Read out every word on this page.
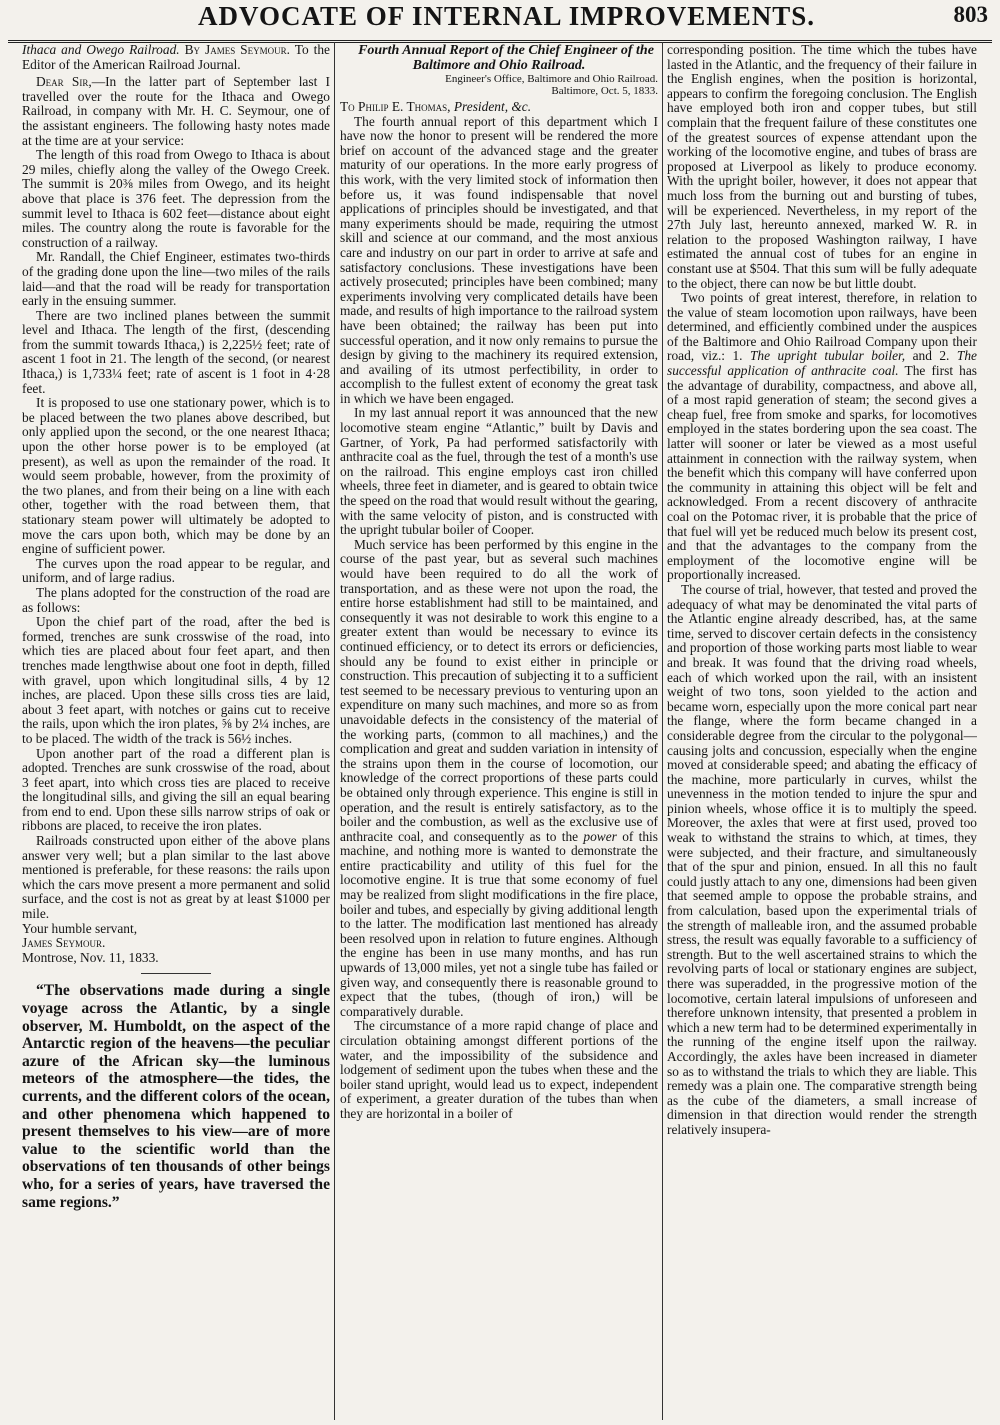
ADVOCATE OF INTERNAL IMPROVEMENTS.	803

Ithaca and Owego Railroad. By James Seymour. To the Editor of the American Railroad Journal.

Dear Sir,—In the latter part of September last I travelled over the route for the Ithaca and Owego Railroad, in company with Mr. H. C. Seymour, one of the assistant engineers. The following hasty notes made at the time are at your service:

The length of this road from Owego to Ithaca is about 29 miles, chiefly along the valley of the Owego Creek. The summit is 20⅜ miles from Owego, and its height above that place is 376 feet. The depression from the summit level to Ithaca is 602 feet—distance about eight miles. The country along the route is favorable for the construction of a railway.

Mr. Randall, the Chief Engineer, estimates two-thirds of the grading done upon the line—two miles of the rails laid—and that the road will be ready for transportation early in the ensuing summer.

There are two inclined planes between the summit level and Ithaca. The length of the first, (descending from the summit towards Ithaca,) is 2,225½ feet; rate of ascent 1 foot in 21. The length of the second, (or nearest Ithaca,) is 1,733¼ feet; rate of ascent is 1 foot in 4·28 feet.

It is proposed to use one stationary power, which is to be placed between the two planes above described, but only applied upon the second, or the one nearest Ithaca; upon the other horse power is to be employed (at present), as well as upon the remainder of the road. It would seem probable, however, from the proximity of the two planes, and from their being on a line with each other, together with the road between them, that stationary steam power will ultimately be adopted to move the cars upon both, which may be done by an engine of sufficient power.

The curves upon the road appear to be regular, and uniform, and of large radius.

The plans adopted for the construction of the road are as follows:

Upon the chief part of the road, after the bed is formed, trenches are sunk crosswise of the road, into which ties are placed about four feet apart, and then trenches made lengthwise about one foot in depth, filled with gravel, upon which longitudinal sills, 4 by 12 inches, are placed. Upon these sills cross ties are laid, about 3 feet apart, with notches or gains cut to receive the rails, upon which the iron plates, ⅝ by 2¼ inches, are to be placed. The width of the track is 56½ inches.

Upon another part of the road a different plan is adopted. Trenches are sunk crosswise of the road, about 3 feet apart, into which cross ties are placed to receive the longitudinal sills, and giving the sill an equal bearing from end to end. Upon these sills narrow strips of oak or ribbons are placed, to receive the iron plates.

Railroads constructed upon either of the above plans answer very well; but a plan similar to the last above mentioned is preferable, for these reasons: the rails upon which the cars move present a more permanent and solid surface, and the cost is not as great by at least $1000 per mile.

Your humble servant,

James Seymour.

Montrose, Nov. 11, 1833.

“The observations made during a single voyage across the Atlantic, by a single observer, M. Humboldt, on the aspect of the Antarctic region of the heavens—the peculiar azure of the African sky—the luminous meteors of the atmosphere—the tides, the currents, and the different colors of the ocean, and other phenomena which happened to present themselves to his view—are of more value to the scientific world than the observations of ten thousands of other beings who, for a series of years, have traversed the same regions.”

Fourth Annual Report of the Chief Engineer of the Baltimore and Ohio Railroad.

Engineer's Office, Baltimore and Ohio Railroad.

Baltimore, Oct. 5, 1833.

To Philip E. Thomas, President, &c.

The fourth annual report of this department which I have now the honor to present will be rendered the more brief on account of the advanced stage and the greater maturity of our operations. In the more early progress of this work, with the very limited stock of information then before us, it was found indispensable that novel applications of principles should be investigated, and that many experiments should be made, requiring the utmost skill and science at our command, and the most anxious care and industry on our part in order to arrive at safe and satisfactory conclusions. These investigations have been actively prosecuted; principles have been combined; many experiments involving very complicated details have been made, and results of high importance to the railroad system have been obtained; the railway has been put into successful operation, and it now only remains to pursue the design by giving to the machinery its required extension, and availing of its utmost perfectibility, in order to accomplish to the fullest extent of economy the great task in which we have been engaged.

In my last annual report it was announced that the new locomotive steam engine “Atlantic,” built by Davis and Gartner, of York, Pa had performed satisfactorily with anthracite coal as the fuel, through the test of a month's use on the railroad. This engine employs cast iron chilled wheels, three feet in diameter, and is geared to obtain twice the speed on the road that would result without the gearing, with the same velocity of piston, and is constructed with the upright tubular boiler of Cooper.

Much service has been performed by this engine in the course of the past year, but as several such machines would have been required to do all the work of transportation, and as these were not upon the road, the entire horse establishment had still to be maintained, and consequently it was not desirable to work this engine to a greater extent than would be necessary to evince its continued efficiency, or to detect its errors or deficiencies, should any be found to exist either in principle or construction. This precaution of subjecting it to a sufficient test seemed to be necessary previous to venturing upon an expenditure on many such machines, and more so as from unavoidable defects in the consistency of the material of the working parts, (common to all machines,) and the complication and great and sudden variation in intensity of the strains upon them in the course of locomotion, our knowledge of the correct proportions of these parts could be obtained only through experience. This engine is still in operation, and the result is entirely satisfactory, as to the boiler and the combustion, as well as the exclusive use of anthracite coal, and consequently as to the power of this machine, and nothing more is wanted to demonstrate the entire practicability and utility of this fuel for the locomotive engine. It is true that some economy of fuel may be realized from slight modifications in the fire place, boiler and tubes, and especially by giving additional length to the latter. The modification last mentioned has already been resolved upon in relation to future engines. Although the engine has been in use many months, and has run upwards of 13,000 miles, yet not a single tube has failed or given way, and consequently there is reasonable ground to expect that the tubes, (though of iron,) will be comparatively durable.

The circumstance of a more rapid change of place and circulation obtaining amongst different portions of the water, and the impossibility of the subsidence and lodgement of sediment upon the tubes when these and the boiler stand upright, would lead us to expect, independent of experiment, a greater duration of the tubes than when they are horizontal in a boiler of

corresponding position. The time which the tubes have lasted in the Atlantic, and the frequency of their failure in the English engines, when the position is horizontal, appears to confirm the foregoing conclusion. The English have employed both iron and copper tubes, but still complain that the frequent failure of these constitutes one of the greatest sources of expense attendant upon the working of the locomotive engine, and tubes of brass are proposed at Liverpool as likely to produce economy. With the upright boiler, however, it does not appear that much loss from the burning out and bursting of tubes, will be experienced. Nevertheless, in my report of the 27th July last, hereunto annexed, marked W. R. in relation to the proposed Washington railway, I have estimated the annual cost of tubes for an engine in constant use at $504. That this sum will be fully adequate to the object, there can now be but little doubt.

Two points of great interest, therefore, in relation to the value of steam locomotion upon railways, have been determined, and efficiently combined under the auspices of the Baltimore and Ohio Railroad Company upon their road, viz.: 1. The upright tubular boiler, and 2. The successful application of anthracite coal. The first has the advantage of durability, compactness, and above all, of a most rapid generation of steam; the second gives a cheap fuel, free from smoke and sparks, for locomotives employed in the states bordering upon the sea coast. The latter will sooner or later be viewed as a most useful attainment in connection with the railway system, when the benefit which this company will have conferred upon the community in attaining this object will be felt and acknowledged. From a recent discovery of anthracite coal on the Potomac river, it is probable that the price of that fuel will yet be reduced much below its present cost, and that the advantages to the company from the employment of the locomotive engine will be proportionally increased.

The course of trial, however, that tested and proved the adequacy of what may be denominated the vital parts of the Atlantic engine already described, has, at the same time, served to discover certain defects in the consistency and proportion of those working parts most liable to wear and break. It was found that the driving road wheels, each of which worked upon the rail, with an insistent weight of two tons, soon yielded to the action and became worn, especially upon the more conical part near the flange, where the form became changed in a considerable degree from the circular to the polygonal—causing jolts and concussion, especially when the engine moved at considerable speed; and abating the efficacy of the machine, more particularly in curves, whilst the unevenness in the motion tended to injure the spur and pinion wheels, whose office it is to multiply the speed. Moreover, the axles that were at first used, proved too weak to withstand the strains to which, at times, they were subjected, and their fracture, and simultaneously that of the spur and pinion, ensued. In all this no fault could justly attach to any one, dimensions had been given that seemed ample to oppose the probable strains, and from calculation, based upon the experimental trials of the strength of malleable iron, and the assumed probable stress, the result was equally favorable to a sufficiency of strength. But to the well ascertained strains to which the revolving parts of local or stationary engines are subject, there was superadded, in the progressive motion of the locomotive, certain lateral impulsions of unforeseen and therefore unknown intensity, that presented a problem in which a new term had to be determined experimentally in the running of the engine itself upon the railway. Accordingly, the axles have been increased in diameter so as to withstand the trials to which they are liable. This remedy was a plain one. The comparative strength being as the cube of the diameters, a small increase of dimension in that direction would render the strength relatively insupera-
